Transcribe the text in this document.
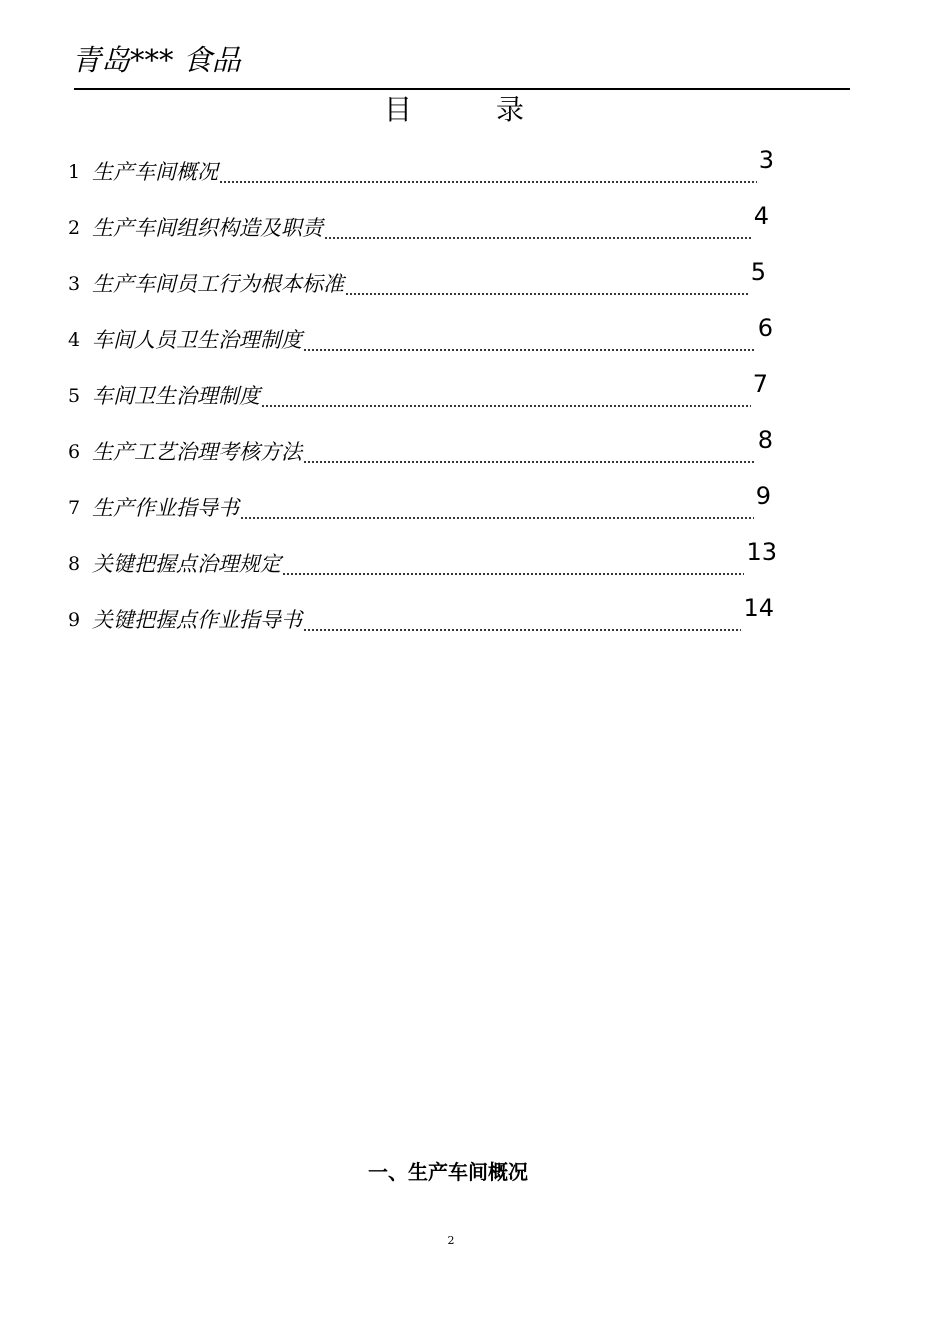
青岛*** 食品
目	录
1 生产车间概况	3
2 生产车间组织构造及职责	4
3 生产车间员工行为根本标准	5
4 车间人员卫生治理制度	6
5 车间卫生治理制度	7
6 生产工艺治理考核方法	8
7 生产作业指导书	9
8 关键把握点治理规定	13
9 关键把握点作业指导书	14
一、生产车间概况
2
